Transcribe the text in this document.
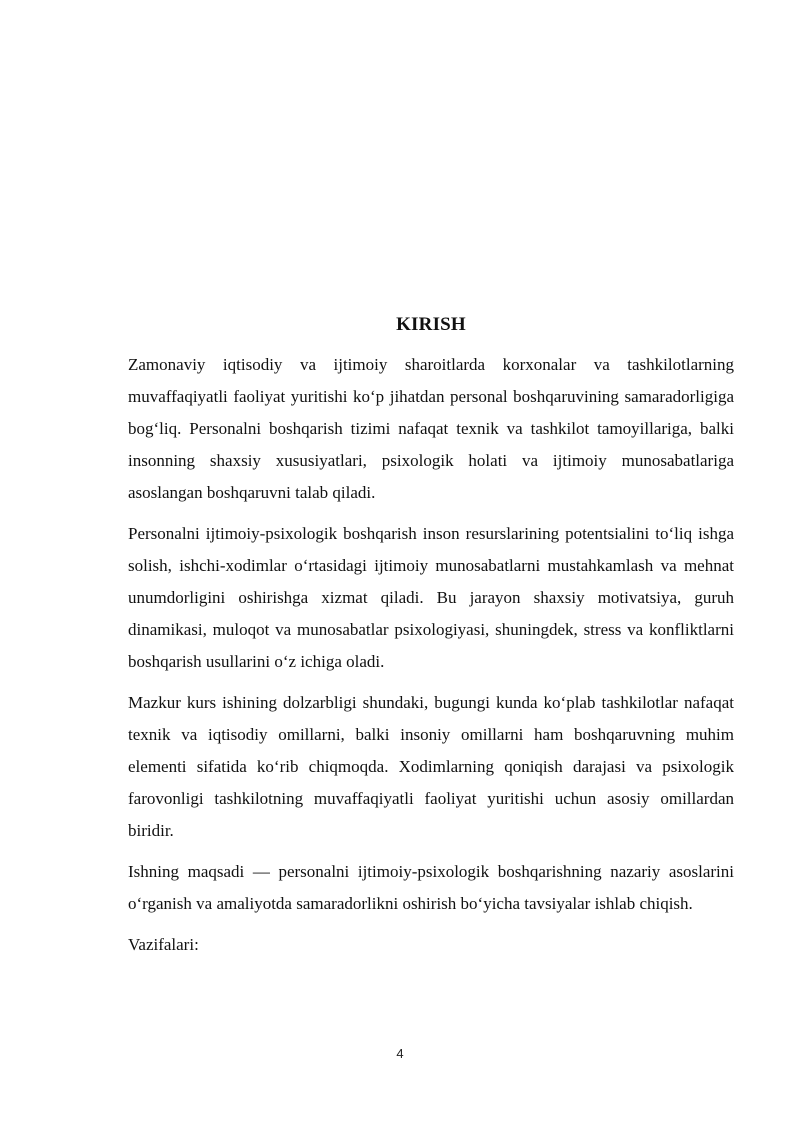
KIRISH

Zamonaviy iqtisodiy va ijtimoiy sharoitlarda korxonalar va tashkilotlarning muvaffaqiyatli faoliyat yuritishi ko‘p jihatdan personal boshqaruvining samaradorligiga bog‘liq. Personalni boshqarish tizimi nafaqat texnik va tashkilot tamoyillariga, balki insonning shaxsiy xususiyatlari, psixologik holati va ijtimoiy munosabatlariga asoslangan boshqaruvni talab qiladi.

Personalni ijtimoiy-psixologik boshqarish inson resurslarining potentsialini to‘liq ishga solish, ishchi-xodimlar o‘rtasidagi ijtimoiy munosabatlarni mustahkamlash va mehnat unumdorligini oshirishga xizmat qiladi. Bu jarayon shaxsiy motivatsiya, guruh dinamikasi, muloqot va munosabatlar psixologiyasi, shuningdek, stress va konfliktlarni boshqarish usullarini o‘z ichiga oladi.

Mazkur kurs ishining dolzarbligi shundaki, bugungi kunda ko‘plab tashkilotlar nafaqat texnik va iqtisodiy omillarni, balki insoniy omillarni ham boshqaruvning muhim elementi sifatida ko‘rib chiqmoqda. Xodimlarning qoniqish darajasi va psixologik farovonligi tashkilotning muvaffaqiyatli faoliyat yuritishi uchun asosiy omillardan biridir.

Ishning maqsadi — personalni ijtimoiy-psixologik boshqarishning nazariy asoslarini o‘rganish va amaliyotda samaradorlikni oshirish bo‘yicha tavsiyalar ishlab chiqish.

Vazifalari:

4
